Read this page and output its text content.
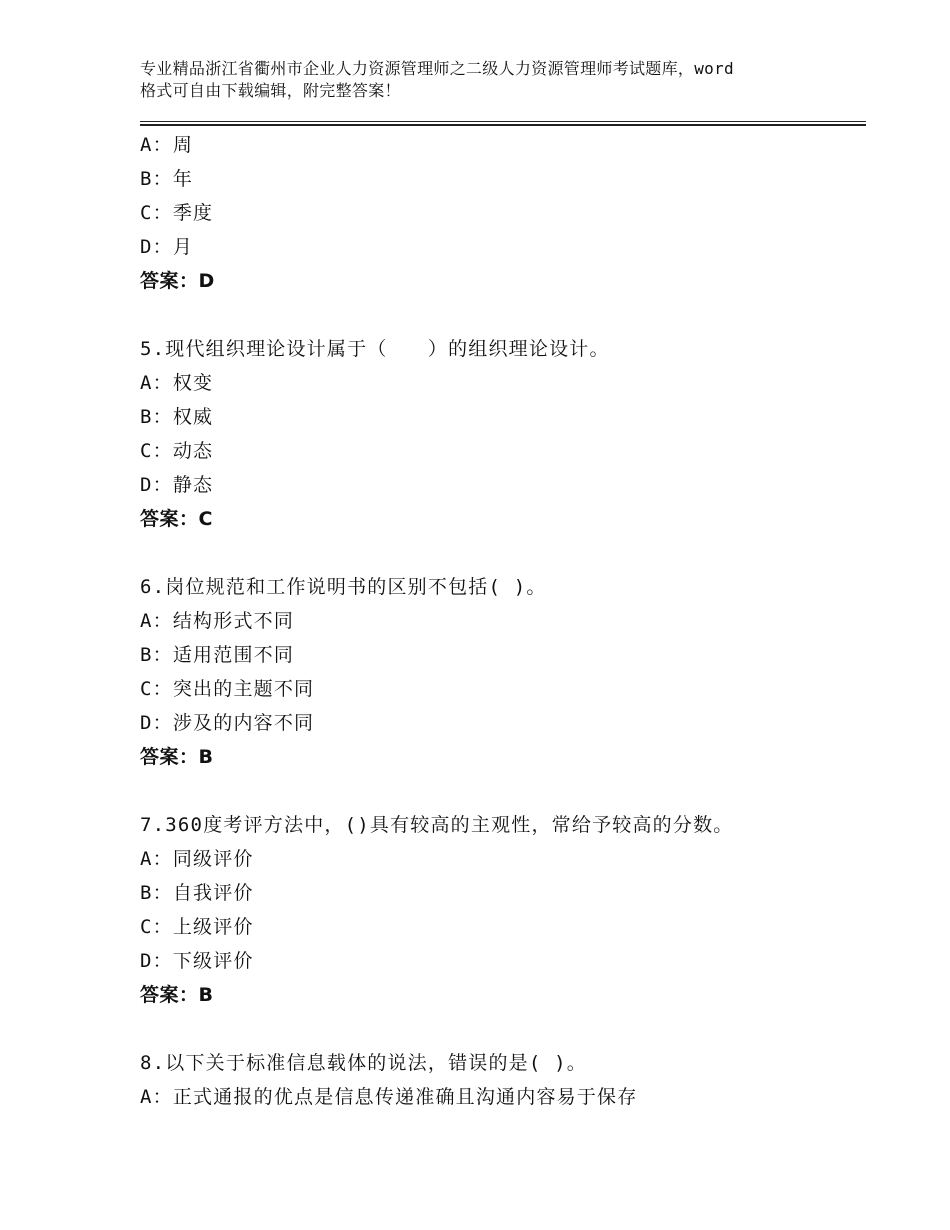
专业精品浙江省衢州市企业人力资源管理师之二级人力资源管理师考试题库，word
格式可自由下载编辑，附完整答案！
A：周
B：年
C：季度
D：月
答案：D
5.现代组织理论设计属于（　　）的组织理论设计。
A：权变
B：权威
C：动态
D：静态
答案：C
6.岗位规范和工作说明书的区别不包括( )。
A：结构形式不同
B：适用范围不同
C：突出的主题不同
D：涉及的内容不同
答案：B
7.360度考评方法中，()具有较高的主观性，常给予较高的分数。
A：同级评价
B：自我评价
C：上级评价
D：下级评价
答案：B
8.以下关于标准信息载体的说法，错误的是( )。
A：正式通报的优点是信息传递准确且沟通内容易于保存
